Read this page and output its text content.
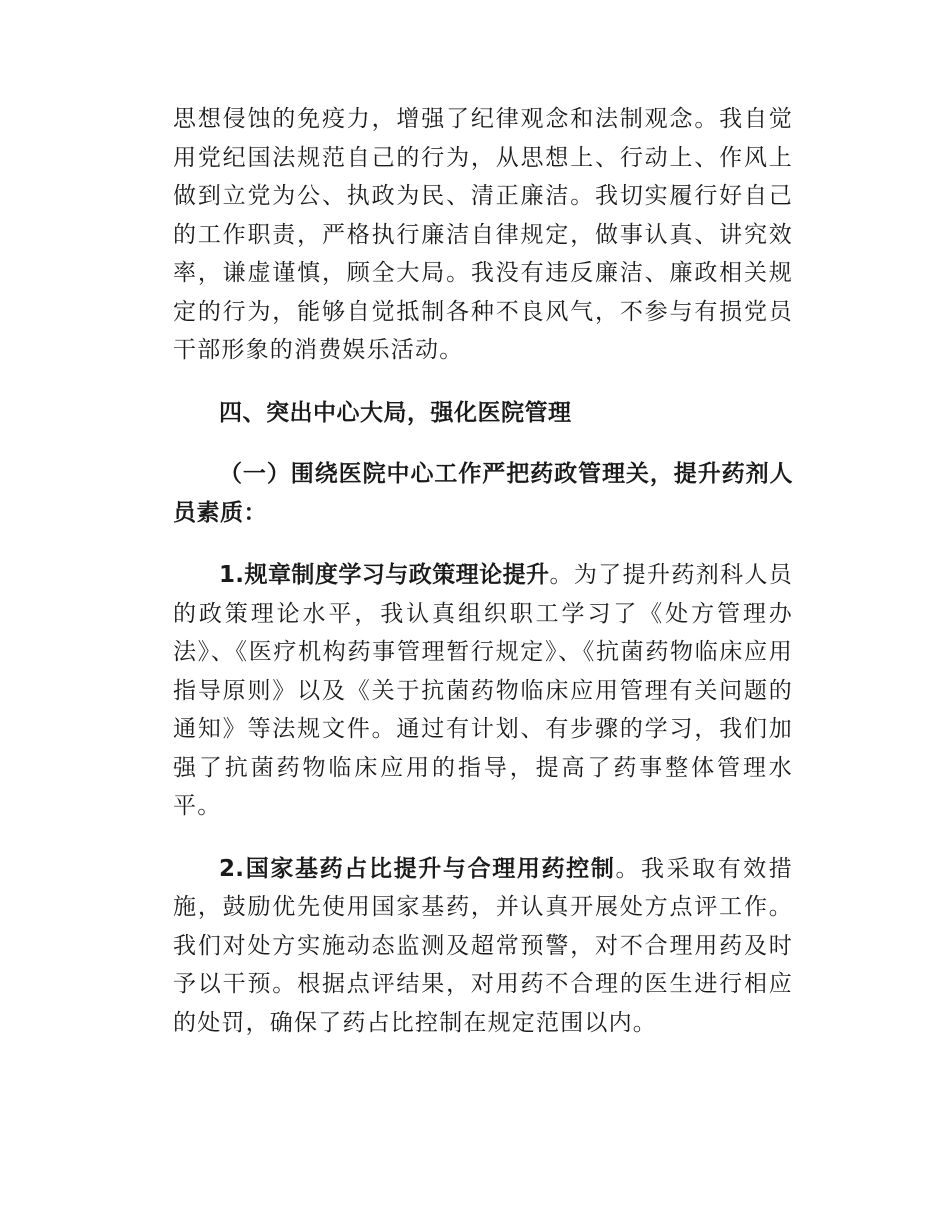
思想侵蚀的免疫力，增强了纪律观念和法制观念。我自觉用党纪国法规范自己的行为，从思想上、行动上、作风上做到立党为公、执政为民、清正廉洁。我切实履行好自己的工作职责，严格执行廉洁自律规定，做事认真、讲究效率，谦虚谨慎，顾全大局。我没有违反廉洁、廉政相关规定的行为，能够自觉抵制各种不良风气，不参与有损党员干部形象的消费娱乐活动。

四、突出中心大局，强化医院管理

（一）围绕医院中心工作严把药政管理关，提升药剂人员素质：

1.规章制度学习与政策理论提升。为了提升药剂科人员的政策理论水平，我认真组织职工学习了《处方管理办法》、《医疗机构药事管理暂行规定》、《抗菌药物临床应用指导原则》以及《关于抗菌药物临床应用管理有关问题的通知》等法规文件。通过有计划、有步骤的学习，我们加强了抗菌药物临床应用的指导，提高了药事整体管理水平。

2.国家基药占比提升与合理用药控制。我采取有效措施，鼓励优先使用国家基药，并认真开展处方点评工作。我们对处方实施动态监测及超常预警，对不合理用药及时予以干预。根据点评结果，对用药不合理的医生进行相应的处罚，确保了药占比控制在规定范围以内。
